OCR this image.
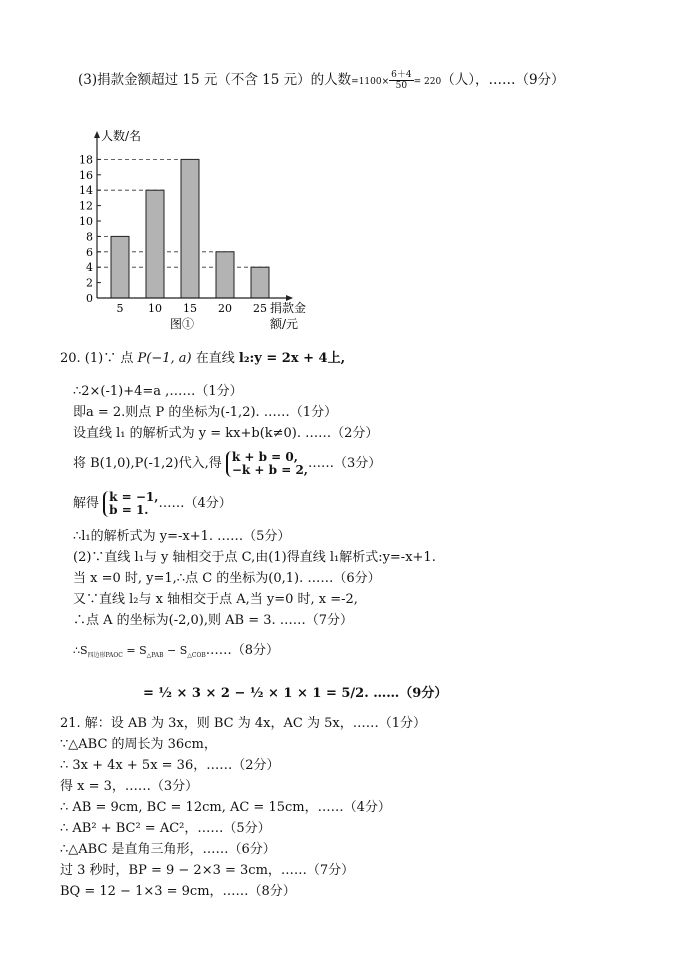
(3)捐款金额超过 15 元（不含 15 元）的人数$=1100\times \frac{6+4}{50} = 220$（人），……（9分）
5 10 15 20 25
0
2
4
6
8
10
12
14
16
18
人数/名
捐款金
额/元
图①
20. (1)∵ 点 P(−1, a) 在直线 l₂:y = 2x + 4上,
∴2×(-1)+4=a ,……（1分）
即a = 2.则点 P 的坐标为(-1,2). ……（1分）
设直线 l₁ 的解析式为 y = kx+b(k≠0). ……（2分）
将 B(1,0),P(-1,2)代入,得 k + b = 0,
−k + b = 2, ……（3分）
解得 k = −1,
b = 1. ……（4分）
∴l₁的解析式为 y=-x+1. ……（5分）
(2)∵直线 l₁与 y 轴相交于点 C,由(1)得直线 l₁解析式:y=-x+1.
当 x =0 时, y=1,∴点 C 的坐标为(0,1). ……（6分）
又∵直线 l₂与 x 轴相交于点 A,当 y=0 时, x =-2,
∴点 A 的坐标为(-2,0),则 AB = 3. ……（7分）
$\therefore S_{四边形PAOC} = S_{\triangle PAB}$ − $S_{\triangle COB}\dots\dots(8$分）
= ½ × 3 × 2 − ½ × 1 × 1 = 5/2. ……（9分）
21. 解：设 AB 为 3x，则 BC 为 4x，AC 为 5x，……（1分）
∵△ABC 的周长为 36cm，
∴ 3x + 4x + 5x = 36，……（2分）
得 x = 3，……（3分）
∴ AB = 9cm, BC = 12cm, AC = 15cm，……（4分）
∴ AB² + BC² = AC²，……（5分）
∴△ABC 是直角三角形，……（6分）
过 3 秒时，BP = 9 − 2×3 = 3cm，……（7分）
BQ = 12 − 1×3 = 9cm，……（8分）
